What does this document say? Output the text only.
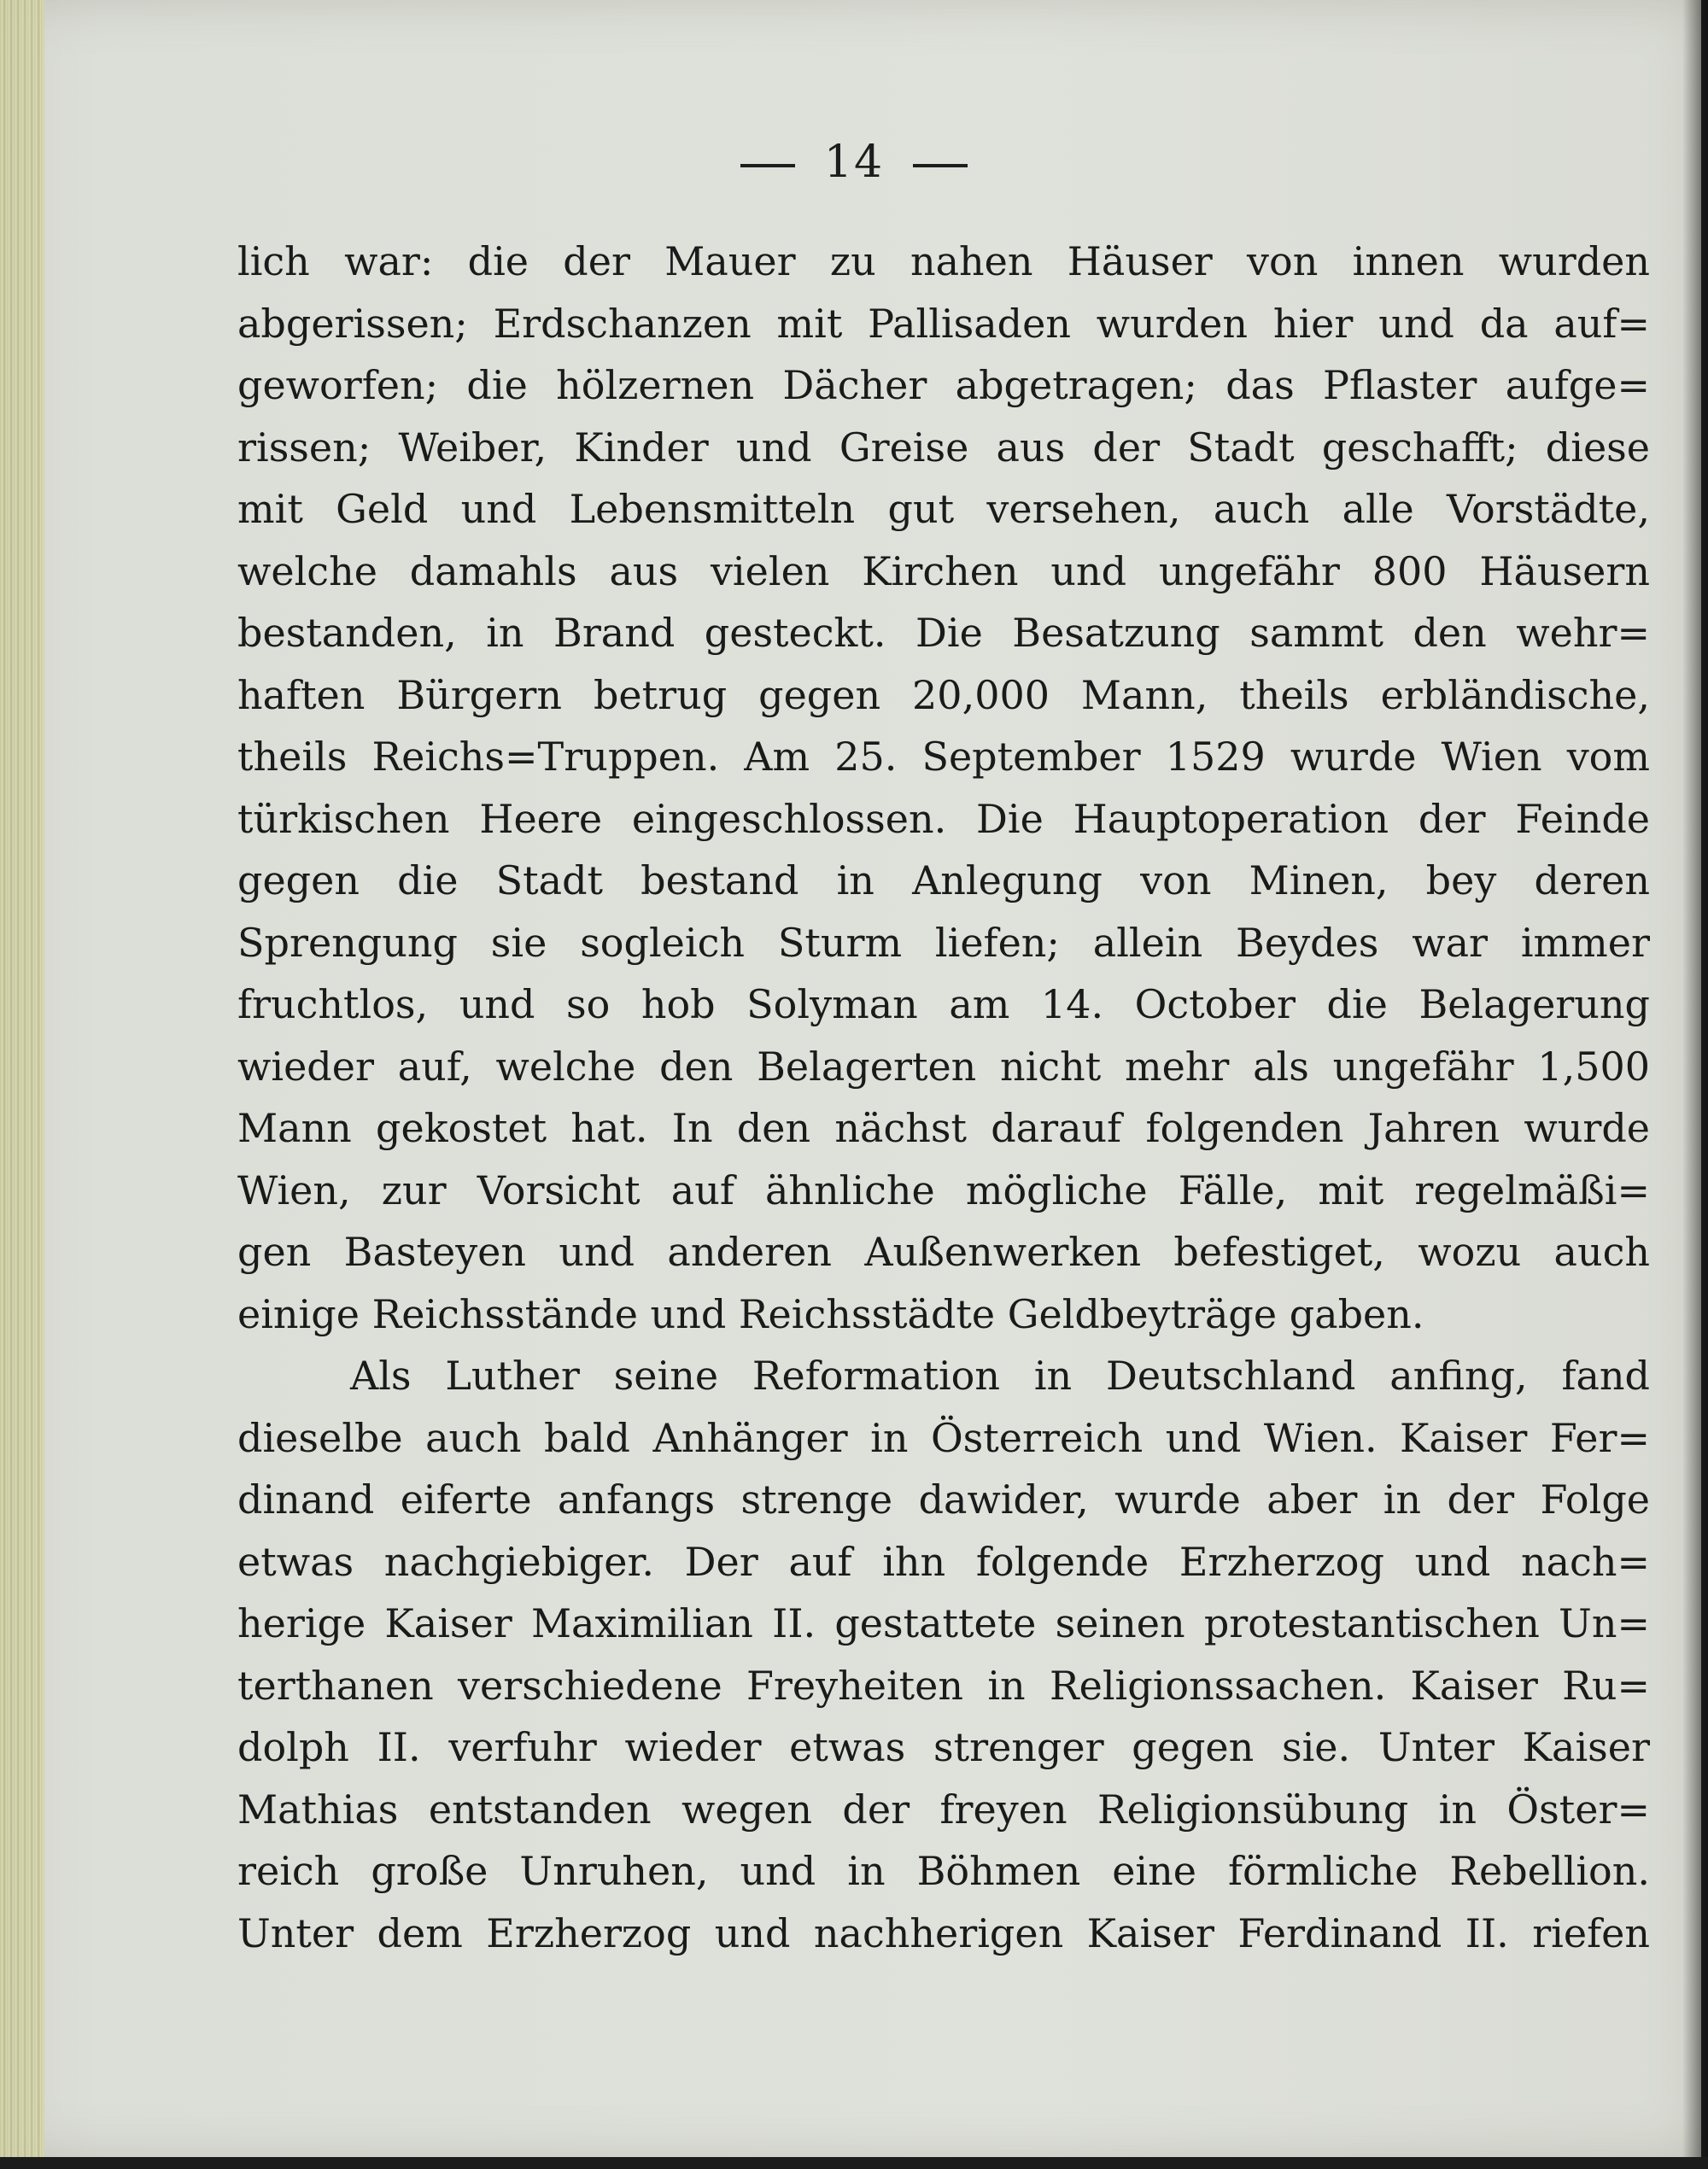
14
lich war: die der Mauer zu nahen Häuser von innen wurden
abgerissen; Erdschanzen mit Pallisaden wurden hier und da auf=
geworfen; die hölzernen Dächer abgetragen; das Pflaster aufge=
rissen; Weiber, Kinder und Greise aus der Stadt geschafft; diese
mit Geld und Lebensmitteln gut versehen, auch alle Vorstädte,
welche damahls aus vielen Kirchen und ungefähr 800 Häusern
bestanden, in Brand gesteckt. Die Besatzung sammt den wehr=
haften Bürgern betrug gegen 20,000 Mann, theils erbländische,
theils Reichs=Truppen. Am 25. September 1529 wurde Wien vom
türkischen Heere eingeschlossen. Die Hauptoperation der Feinde
gegen die Stadt bestand in Anlegung von Minen, bey deren
Sprengung sie sogleich Sturm liefen; allein Beydes war immer
fruchtlos, und so hob Solyman am 14. October die Belagerung
wieder auf, welche den Belagerten nicht mehr als ungefähr 1,500
Mann gekostet hat. In den nächst darauf folgenden Jahren wurde
Wien, zur Vorsicht auf ähnliche mögliche Fälle, mit regelmäßi=
gen Basteyen und anderen Außenwerken befestiget, wozu auch
einige Reichsstände und Reichsstädte Geldbeyträge gaben.
Als Luther seine Reformation in Deutschland anfing, fand
dieselbe auch bald Anhänger in Österreich und Wien. Kaiser Fer=
dinand eiferte anfangs strenge dawider, wurde aber in der Folge
etwas nachgiebiger. Der auf ihn folgende Erzherzog und nach=
herige Kaiser Maximilian II. gestattete seinen protestantischen Un=
terthanen verschiedene Freyheiten in Religionssachen. Kaiser Ru=
dolph II. verfuhr wieder etwas strenger gegen sie. Unter Kaiser
Mathias entstanden wegen der freyen Religionsübung in Öster=
reich große Unruhen, und in Böhmen eine förmliche Rebellion.
Unter dem Erzherzog und nachherigen Kaiser Ferdinand II. riefen
